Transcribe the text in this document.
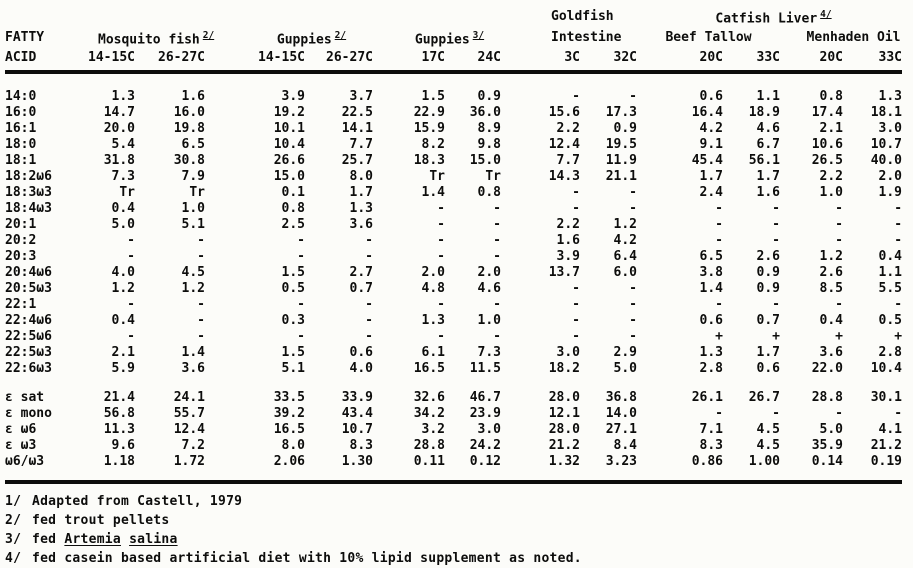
							Goldfish		Catfish Liver $^{4/}$
FATTY	Mosquito fish $^{2/}$		Guppies $^{2/}$		Guppies $^{3/}$		Intestine		Beef Tallow		Menhaden Oil	
ACID	14-15C	26-27C	14-15C	26-27C	17C	24C	3C	32C	20C	33C	20C	33C
14:0	1.3	1.6	3.9	3.7	1.5	0.9	-	-	0.6	1.1	0.8	1.3
16:0	14.7	16.0	19.2	22.5	22.9	36.0	15.6	17.3	16.4	18.9	17.4	18.1
16:1	20.0	19.8	10.1	14.1	15.9	8.9	2.2	0.9	4.2	4.6	2.1	3.0
18:0	5.4	6.5	10.4	7.7	8.2	9.8	12.4	19.5	9.1	6.7	10.6	10.7
18:1	31.8	30.8	26.6	25.7	18.3	15.0	7.7	11.9	45.4	56.1	26.5	40.0
18:2ω6	7.3	7.9	15.0	8.0	Tr	Tr	14.3	21.1	1.7	1.7	2.2	2.0
18:3ω3	Tr	Tr	0.1	1.7	1.4	0.8	-	-	2.4	1.6	1.0	1.9
18:4ω3	0.4	1.0	0.8	1.3	-	-	-	-	-	-	-	-
20:1	5.0	5.1	2.5	3.6	-	-	2.2	1.2	-	-	-	-
20:2	-	-	-	-	-	-	1.6	4.2	-	-	-	-
20:3	-	-	-	-	-	-	3.9	6.4	6.5	2.6	1.2	0.4
20:4ω6	4.0	4.5	1.5	2.7	2.0	2.0	13.7	6.0	3.8	0.9	2.6	1.1
20:5ω3	1.2	1.2	0.5	0.7	4.8	4.6	-	-	1.4	0.9	8.5	5.5
22:1	-	-	-	-	-	-	-	-	-	-	-	-
22:4ω6	0.4	-	0.3	-	1.3	1.0	-	-	0.6	0.7	0.4	0.5
22:5ω6	-	-	-	-	-	-	-	-	+	+	+	+
22:5ω3	2.1	1.4	1.5	0.6	6.1	7.3	3.0	2.9	1.3	1.7	3.6	2.8
22:6ω3	5.9	3.6	5.1	4.0	16.5	11.5	18.2	5.0	2.8	0.6	22.0	10.4

ε sat	21.4	24.1	33.5	33.9	32.6	46.7	28.0	36.8	26.1	26.7	28.8	30.1
ε mono	56.8	55.7	39.2	43.4	34.2	23.9	12.1	14.0	-	-	-	-
ε ω6	11.3	12.4	16.5	10.7	3.2	3.0	28.0	27.1	7.1	4.5	5.0	4.1
ε ω3	9.6	7.2	8.0	8.3	28.8	24.2	21.2	8.4	8.3	4.5	35.9	21.2
ω6/ω3	1.18	1.72	2.06	1.30	0.11	0.12	1.32	3.23	0.86	1.00	0.14	0.19
1/ Adapted from Castell, 1979
2/ fed trout pellets
3/ fed Artemia salina
4/ fed casein based artificial diet with 10% lipid supplement as noted.
